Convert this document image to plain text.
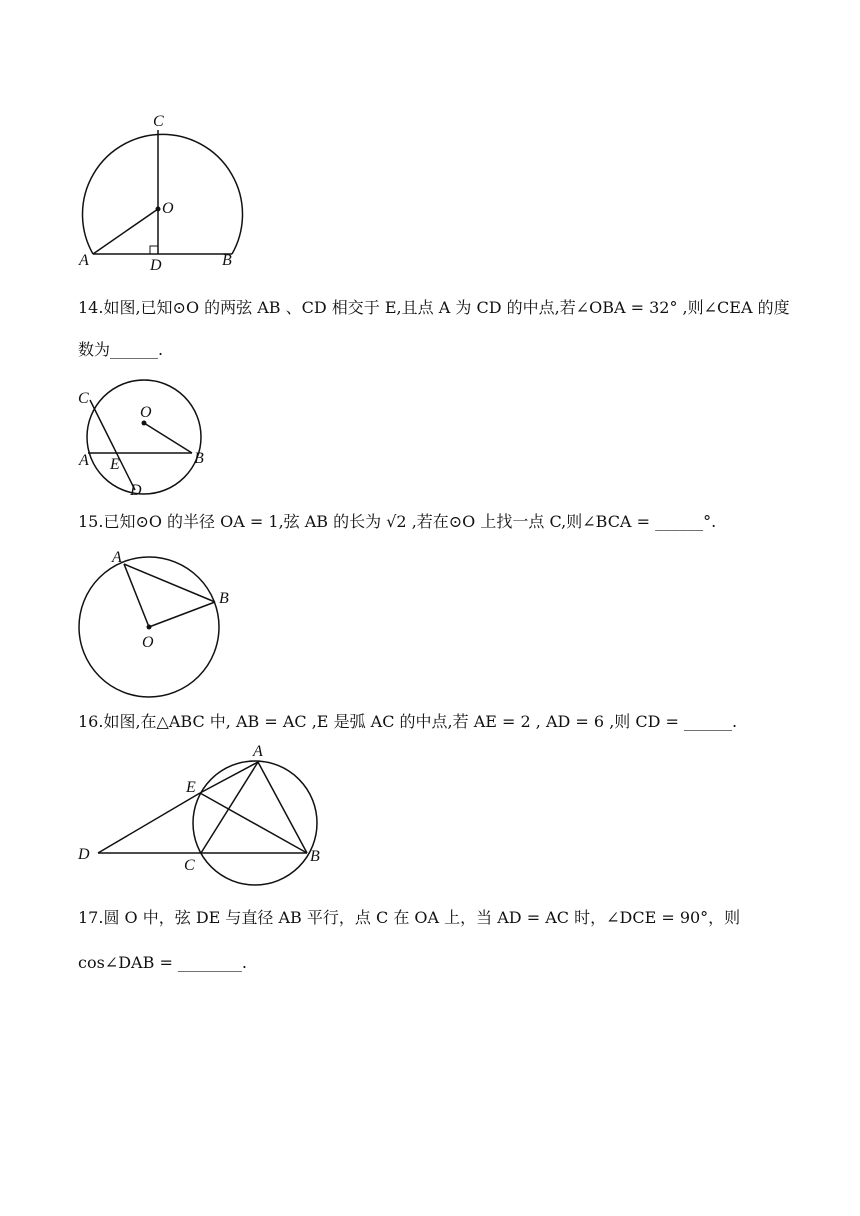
C
O
A	D	B
14.如图,已知⊙O 的两弦 AB 、CD 相交于 E,且点 A 为 CD 的中点,若∠OBA = 32° ,则∠CEA 的度
数为______.
C
O
A E	B
D
15.已知⊙O 的半径 OA = 1,弦 AB 的长为 √2 ,若在⊙O 上找一点 C,则∠BCA = ______°.
A
B
O
16.如图,在△ABC 中, AB = AC ,E 是弧 AC 的中点,若 AE = 2 , AD = 6 ,则 CD = ______.
A
E
D
C
B
17.圆 O 中，弦 DE 与直径 AB 平行，点 C 在 OA 上，当 AD = AC 时，∠DCE = 90°，则
cos∠DAB = ________.
